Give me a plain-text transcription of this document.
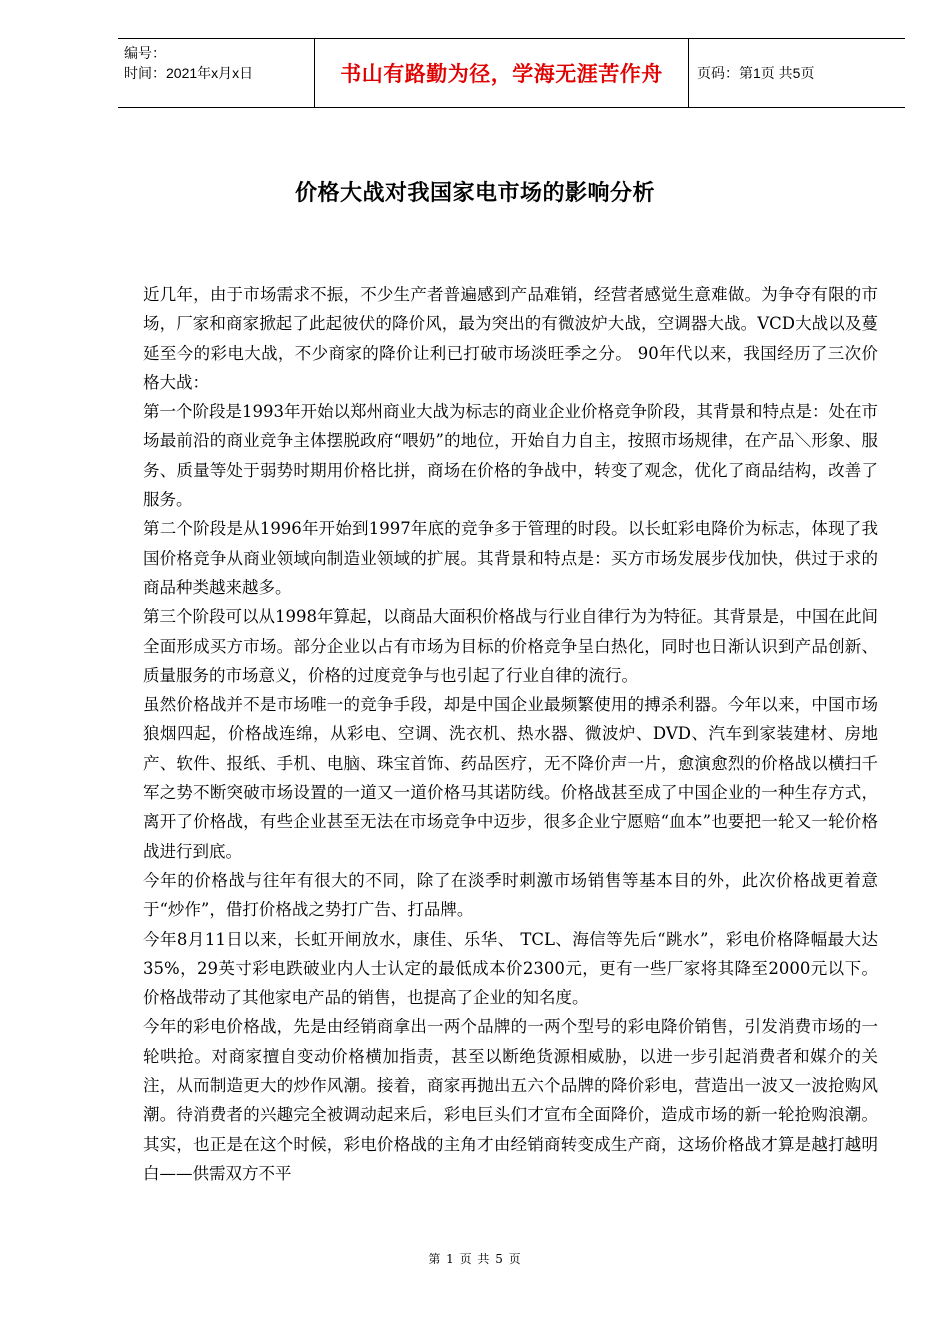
编号：
时间：2021年x月x日	书山有路勤为径，学海无涯苦作舟 页码：第1页 共5页
价格大战对我国家电市场的影响分析

近几年，由于市场需求不振，不少生产者普遍感到产品难销，经营者感觉生意难做。为争夺有限的市场，厂家和商家掀起了此起彼伏的降价风，最为突出的有微波炉大战，空调器大战。VCD大战以及蔓延至今的彩电大战，不少商家的降价让利已打破市场淡旺季之分。 90年代以来，我国经历了三次价格大战：

第一个阶段是1993年开始以郑州商业大战为标志的商业企业价格竞争阶段，其背景和特点是：处在市场最前沿的商业竞争主体摆脱政府“喂奶”的地位，开始自力自主，按照市场规律，在产品＼形象、服务、质量等处于弱势时期用价格比拼，商场在价格的争战中，转变了观念，优化了商品结构，改善了服务。

第二个阶段是从1996年开始到1997年底的竞争多于管理的时段。以长虹彩电降价为标志，体现了我国价格竞争从商业领域向制造业领域的扩展。其背景和特点是：买方市场发展步伐加快，供过于求的商品种类越来越多。

第三个阶段可以从1998年算起，以商品大面积价格战与行业自律行为为特征。其背景是，中国在此间全面形成买方市场。部分企业以占有市场为目标的价格竞争呈白热化，同时也日渐认识到产品创新、质量服务的市场意义，价格的过度竞争与也引起了行业自律的流行。

虽然价格战并不是市场唯一的竞争手段，却是中国企业最频繁使用的搏杀利器。今年以来，中国市场狼烟四起，价格战连绵，从彩电、空调、洗衣机、热水器、微波炉、DVD、汽车到家装建材、房地产、软件、报纸、手机、电脑、珠宝首饰、药品医疗，无不降价声一片，愈演愈烈的价格战以横扫千军之势不断突破市场设置的一道又一道价格马其诺防线。价格战甚至成了中国企业的一种生存方式，离开了价格战，有些企业甚至无法在市场竞争中迈步，很多企业宁愿赔“血本”也要把一轮又一轮价格战进行到底。

今年的价格战与往年有很大的不同，除了在淡季时刺激市场销售等基本目的外，此次价格战更着意于“炒作”，借打价格战之势打广告、打品牌。

今年8月11日以来，长虹开闸放水，康佳、乐华、 TCL、海信等先后“跳水”，彩电价格降幅最大达35%，29英寸彩电跌破业内人士认定的最低成本价2300元，更有一些厂家将其降至2000元以下。价格战带动了其他家电产品的销售，也提高了企业的知名度。

今年的彩电价格战，先是由经销商拿出一两个品牌的一两个型号的彩电降价销售，引发消费市场的一轮哄抢。对商家擅自变动价格横加指责，甚至以断绝货源相威胁，以进一步引起消费者和媒介的关注，从而制造更大的炒作风潮。接着，商家再抛出五六个品牌的降价彩电，营造出一波又一波抢购风潮。待消费者的兴趣完全被调动起来后，彩电巨头们才宣布全面降价，造成市场的新一轮抢购浪潮。其实，也正是在这个时候，彩电价格战的主角才由经销商转变成生产商，这场价格战才算是越打越明白——供需双方不平

第 1 页 共 5 页
